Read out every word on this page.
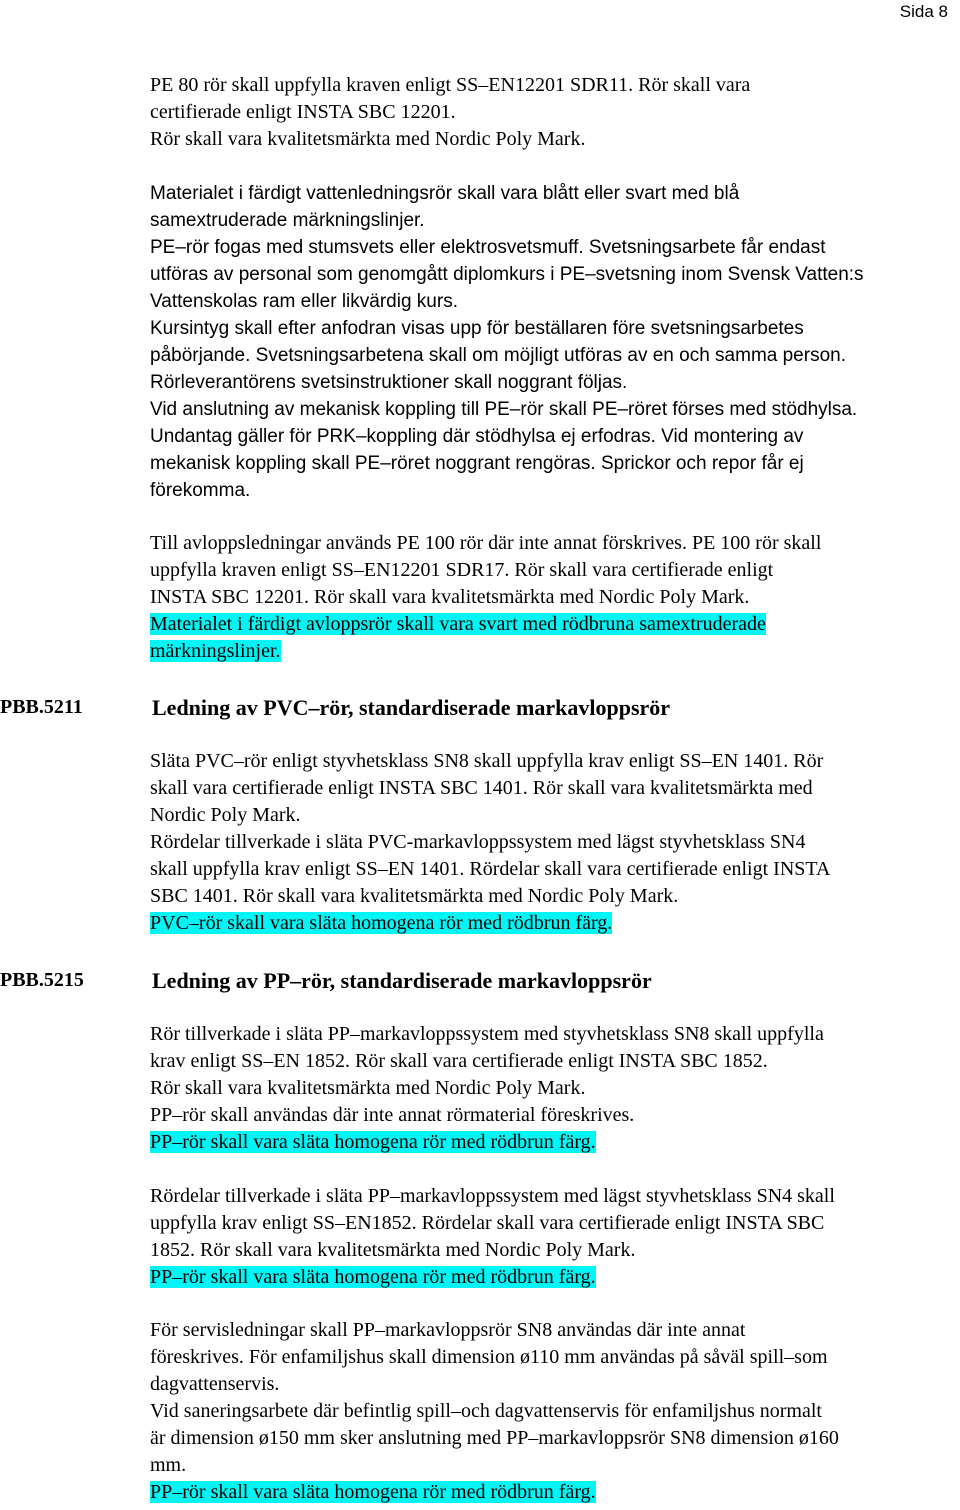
Sida 8
PE 80 rör skall uppfylla kraven enligt SS–EN12201 SDR11. Rör skall vara
certifierade enligt INSTA SBC 12201.
Rör skall vara kvalitetsmärkta med Nordic Poly Mark.
Materialet i färdigt vattenledningsrör skall vara blått eller svart med blå
samextruderade märkningslinjer.
PE–rör fogas med stumsvets eller elektrosvetsmuff. Svetsningsarbete får endast
utföras av personal som genomgått diplomkurs i PE–svetsning inom Svensk Vatten:s
Vattenskolas ram eller likvärdig kurs.
Kursintyg skall efter anfodran visas upp för beställaren före svetsningsarbetes
påbörjande. Svetsningsarbetena skall om möjligt utföras av en och samma person.
Rörleverantörens svetsinstruktioner skall noggrant följas.
Vid anslutning av mekanisk koppling till PE–rör skall PE–röret förses med stödhylsa.
Undantag gäller för PRK–koppling där stödhylsa ej erfodras. Vid montering av
mekanisk koppling skall PE–röret noggrant rengöras. Sprickor och repor får ej
förekomma.
Till avloppsledningar används PE 100 rör där inte annat förskrives. PE 100 rör skall
uppfylla kraven enligt SS–EN12201 SDR17. Rör skall vara certifierade enligt
INSTA SBC 12201. Rör skall vara kvalitetsmärkta med Nordic Poly Mark.
Materialet i färdigt avloppsrör skall vara svart med rödbruna samextruderade
märkningslinjer.
PBB.5211	Ledning av PVC–rör, standardiserade markavloppsrör
Släta PVC–rör enligt styvhetsklass SN8 skall uppfylla krav enligt SS–EN 1401. Rör
skall vara certifierade enligt INSTA SBC 1401. Rör skall vara kvalitetsmärkta med
Nordic Poly Mark.
Rördelar tillverkade i släta PVC-markavloppssystem med lägst styvhetsklass SN4
skall uppfylla krav enligt SS–EN 1401. Rördelar skall vara certifierade enligt INSTA
SBC 1401. Rör skall vara kvalitetsmärkta med Nordic Poly Mark.
PVC–rör skall vara släta homogena rör med rödbrun färg.
PBB.5215	Ledning av PP–rör, standardiserade markavloppsrör
Rör tillverkade i släta PP–markavloppssystem med styvhetsklass SN8 skall uppfylla
krav enligt SS–EN 1852. Rör skall vara certifierade enligt INSTA SBC 1852.
Rör skall vara kvalitetsmärkta med Nordic Poly Mark.
PP–rör skall användas där inte annat rörmaterial föreskrives.
PP–rör skall vara släta homogena rör med rödbrun färg.
Rördelar tillverkade i släta PP–markavloppssystem med lägst styvhetsklass SN4 skall
uppfylla krav enligt SS–EN1852. Rördelar skall vara certifierade enligt INSTA SBC
1852. Rör skall vara kvalitetsmärkta med Nordic Poly Mark.
PP–rör skall vara släta homogena rör med rödbrun färg.
För servisledningar skall PP–markavloppsrör SN8 användas där inte annat
föreskrives. För enfamiljshus skall dimension ø110 mm användas på såväl spill–som
dagvattenservis.
Vid saneringsarbete där befintlig spill–och dagvattenservis för enfamiljshus normalt
är dimension ø150 mm sker anslutning med PP–markavloppsrör SN8 dimension ø160
mm.
PP–rör skall vara släta homogena rör med rödbrun färg.
